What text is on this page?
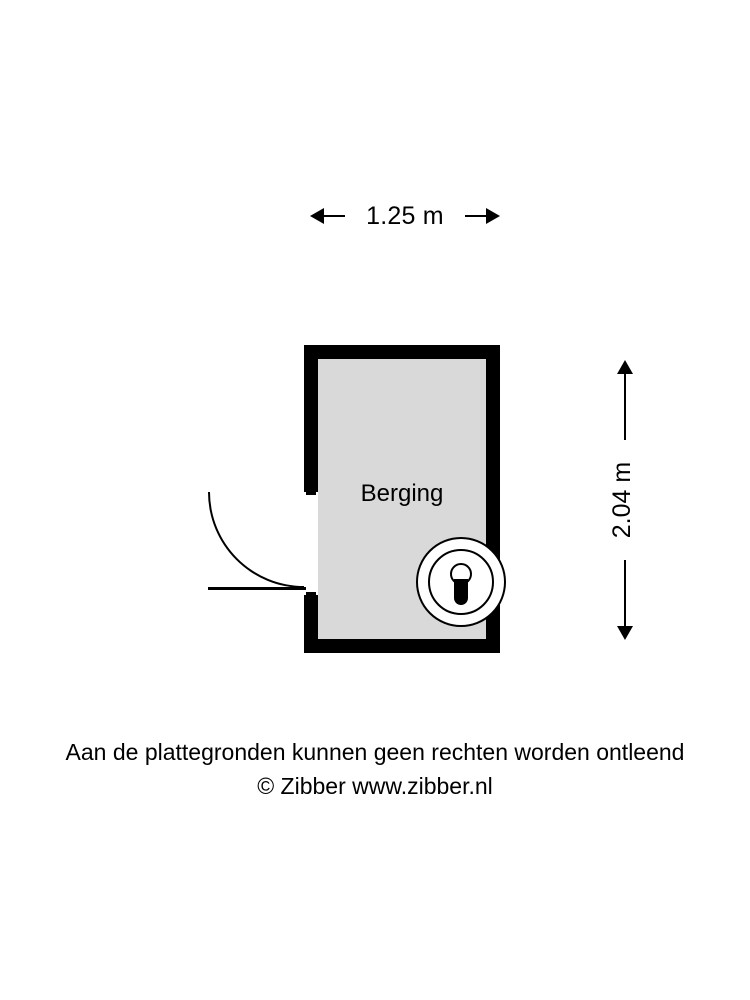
1.25 m
2.04 m
Berging
Aan de plattegronden kunnen geen rechten worden ontleend
© Zibber www.zibber.nl
